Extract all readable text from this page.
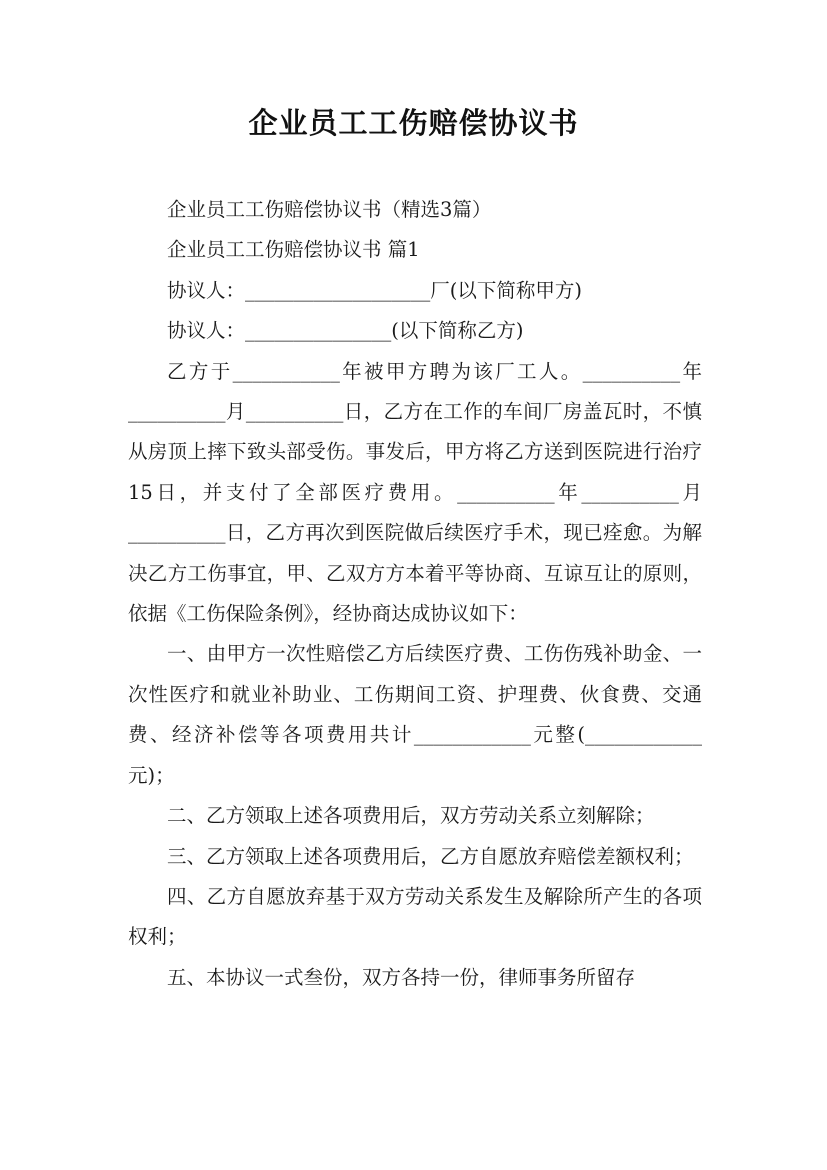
企业员工工伤赔偿协议书

企业员工工伤赔偿协议书（精选3篇）

企业员工工伤赔偿协议书 篇1

协议人：___________________厂(以下简称甲方)

协议人：_______________(以下简称乙方)

乙方于___________年被甲方聘为该厂工人。__________年__________月__________日，乙方在工作的车间厂房盖瓦时，不慎从房顶上摔下致头部受伤。事发后，甲方将乙方送到医院进行治疗15日，并支付了全部医疗费用。__________年__________月__________日，乙方再次到医院做后续医疗手术，现已痊愈。为解决乙方工伤事宜，甲、乙双方方本着平等协商、互谅互让的原则，依据《工伤保险条例》，经协商达成协议如下：

一、由甲方一次性赔偿乙方后续医疗费、工伤伤残补助金、一次性医疗和就业补助业、工伤期间工资、护理费、伙食费、交通费、经济补偿等各项费用共计____________元整(____________元)；

二、乙方领取上述各项费用后，双方劳动关系立刻解除；

三、乙方领取上述各项费用后，乙方自愿放弃赔偿差额权利；

四、乙方自愿放弃基于双方劳动关系发生及解除所产生的各项权利；

五、本协议一式叁份，双方各持一份，律师事务所留存
